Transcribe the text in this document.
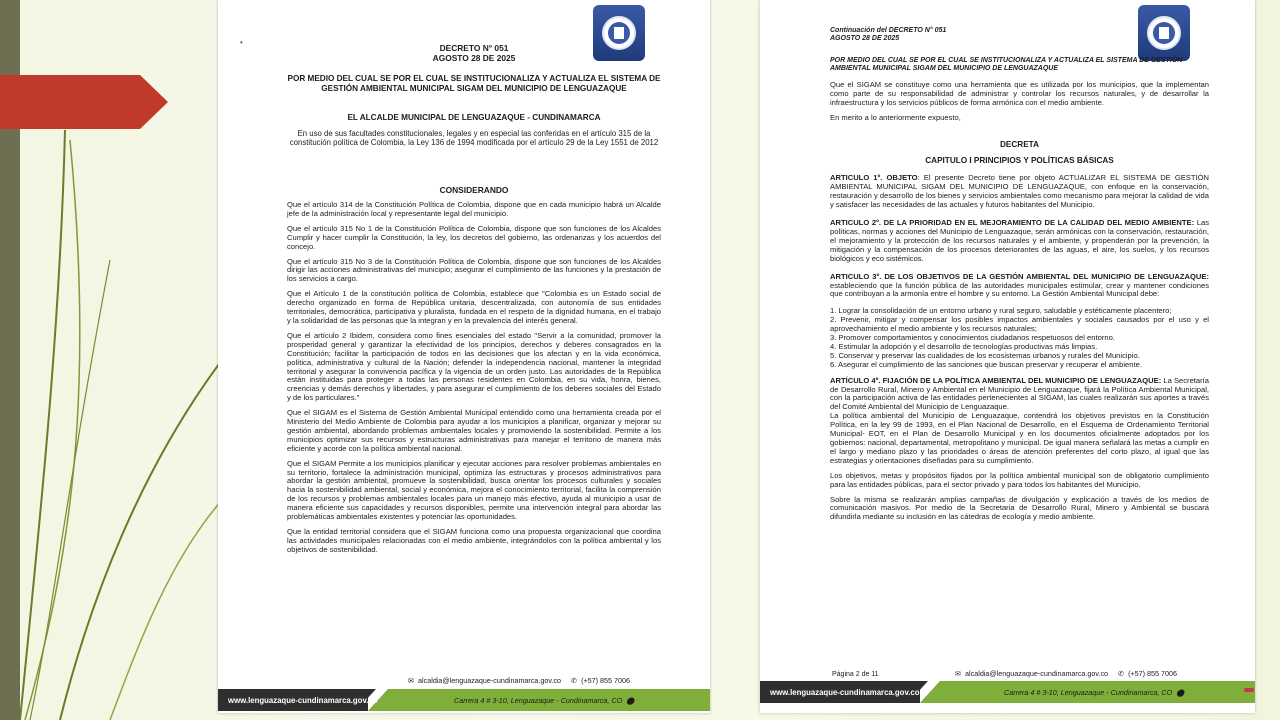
•
DECRETO N° 051
AGOSTO 28 DE 2025
POR MEDIO DEL CUAL SE POR EL CUAL SE INSTITUCIONALIZA Y ACTUALIZA EL SISTEMA DE GESTIÓN AMBIENTAL MUNICIPAL SIGAM DEL MUNICIPIO DE LENGUAZAQUE
EL ALCALDE MUNICIPAL DE LENGUAZAQUE - CUNDINAMARCA
En uso de sus facultades constitucionales, legales y en especial las conferidas en el artículo 315 de la constitución política de Colombia, la Ley 136 de 1994 modificada por el artículo 29 de la Ley 1551 de 2012
CONSIDERANDO

Que el artículo 314 de la Constitución Política de Colombia, dispone que en cada municipio habrá un Alcalde jefe de la administración local y representante legal del municipio.

Que el artículo 315 No 1 de la Constitución Política de Colombia, dispone que son funciones de los Alcaldes Cumplir y hacer cumplir la Constitución, la ley, los decretos del gobierno, las ordenanzas y los acuerdos del concejo.

Que el artículo 315 No 3 de la Constitución Política de Colombia, dispone que son funciones de los Alcaldes dirigir las acciones administrativas del municipio; asegurar el cumplimiento de las funciones y la prestación de los servicios a cargo.

Que el Artículo 1 de la constitución política de Colombia, establece que "Colombia es un Estado social de derecho organizado en forma de República unitaria, descentralizada, con autonomía de sus entidades territoriales, democrática, participativa y pluralista, fundada en el respeto de la dignidad humana, en el trabajo y la solidaridad de las personas que la integran y en la prevalencia del interés general.

Que el artículo 2 Ibidem, considera como fines esenciales del estado "Servir a la comunidad, promover la prosperidad general y garantizar la efectividad de los principios, derechos y deberes consagrados en la Constitución; facilitar la participación de todos en las decisiones que los afectan y en la vida económica, política, administrativa y cultural de la Nación; defender la independencia nacional, mantener la integridad territorial y asegurar la convivencia pacífica y la vigencia de un orden justo. Las autoridades de la República están instituidas para proteger a todas las personas residentes en Colombia, en su vida, honra, bienes, creencias y demás derechos y libertades, y para asegurar el cumplimiento de los deberes sociales del Estado y de los particulares."

Que el SIGAM es el Sistema de Gestión Ambiental Municipal entendido como una herramienta creada por el Ministerio del Medio Ambiente de Colombia para ayudar a los municipios a planificar, organizar y mejorar su gestión ambiental, abordando problemas ambientales locales y promoviendo la sostenibilidad. Permite a los municipios optimizar sus recursos y estructuras administrativas para manejar el territorio de manera más eficiente y acorde con la política ambiental nacional.

Que el SIGAM Permite a los municipios planificar y ejecutar acciones para resolver problemas ambientales en su territorio, fortalece la administración municipal, optimiza las estructuras y procesos administrativos para abordar la gestión ambiental, promueve la sostenibilidad, busca orientar los procesos culturales y sociales hacia la sostenibilidad ambiental, social y económica, mejora el conocimiento territorial, facilita la comprensión de los recursos y problemas ambientales locales para un manejo más efectivo, ayuda al municipio a usar de manera eficiente sus capacidades y recursos disponibles, permite una intervención integral para abordar las problemáticas ambientales existentes y potenciar las oportunidades.

Que la entidad territorial considera que el SIGAM funciona como una propuesta organizacional que coordina las actividades municipales relacionadas con el medio ambiente, integrándolos con la política ambiental y los objetivos de sostenibilidad.

✉ alcaldia@lenguazaque-cundinamarca.gov.co ✆ (+57) 855 7006
www.lenguazaque-cundinamarca.gov.co	Carrera 4 # 3-10, Lenguazaque - Cundinamarca, CO ⬤
Continuación del DECRETO N° 051
AGOSTO 28 DE 2025
POR MEDIO DEL CUAL SE POR EL CUAL SE INSTITUCIONALIZA Y ACTUALIZA EL SISTEMA DE GESTIÓN AMBIENTAL MUNICIPAL SIGAM DEL MUNICIPIO DE LENGUAZAQUE

Que el SIGAM se constituye como una herramienta que es utilizada por los municipios, que la implementan como parte de su responsabilidad de administrar y controlar los recursos naturales, y de desarrollar la infraestructura y los servicios públicos de forma armónica con el medio ambiente.

En merito a lo anteriormente expuesto,

DECRETA

CAPITULO I PRINCIPIOS Y POLÍTICAS BÁSICAS

ARTICULO 1º. OBJETO: El presente Decreto tiene por objeto ACTUALIZAR EL SISTEMA DE GESTIÓN AMBIENTAL MUNICIPAL SIGAM DEL MUNICIPIO DE LENGUAZAQUE, con enfoque en la conservación, restauración y desarrollo de los bienes y servicios ambientales como mecanismo para mejorar la calidad de vida y satisfacer las necesidades de las actuales y futuros habitantes del Municipio.

ARTICULO 2º. DE LA PRIORIDAD EN EL MEJORAMIENTO DE LA CALIDAD DEL MEDIO AMBIENTE: Las políticas, normas y acciones del Municipio de Lenguazaque, serán armónicas con la conservación, restauración, el mejoramiento y la protección de los recursos naturales y el ambiente, y propenderán por la prevención, la mitigación y la compensación de los procesos deteriorantes de las aguas, el aire, los suelos, y los recursos biológicos y eco sistémicos.

ARTICULO 3º. DE LOS OBJETIVOS DE LA GESTIÓN AMBIENTAL DEL MUNICIPIO DE LENGUAZAQUE: estableciendo que la función pública de las autoridades municipales estimular, crear y mantener condiciones que contribuyan a la armonía entre el hombre y su entorno. La Gestión Ambiental Municipal debe:

1. Lograr la consolidación de un entorno urbano y rural seguro, saludable y estéticamente placentero;
2. Prevenir, mitigar y compensar los posibles impactos ambientales y sociales causados por el uso y el aprovechamiento el medio ambiente y los recursos naturales;
3. Promover comportamientos y conocimientos ciudadanos respetuosos del entorno.
4. Estimular la adopción y el desarrollo de tecnologías productivas más limpias.
5. Conservar y preservar las cualidades de los ecosistemas urbanos y rurales del Municipio.
6. Asegurar el cumplimiento de las sanciones que buscan preservar y recuperar el ambiente.

ARTÍCULO 4º. FIJACIÓN DE LA POLÍTICA AMBIENTAL DEL MUNICIPIO DE LENGUAZAQUE: La Secretaría de Desarrollo Rural, Minero y Ambiental en el Municipio de Lenguazaque, fijará la Política Ambiental Municipal, con la participación activa de las entidades pertenecientes al SIGAM, las cuales realizarán sus aportes a través del Comité Ambiental del Municipio de Lenguazaque.

La política ambiental del Municipio de Lenguazaque, contendrá los objetivos previstos en la Constitución Política, en la ley 99 de 1993, en el Plan Nacional de Desarrollo, en el Esquema de Ordenamiento Territorial Municipal- EOT, en el Plan de Desarrollo Municipal y en los documentos oficialmente adoptados por los gobiernos: nacional, departamental, metropolitano y municipal. De igual manera señalará las metas a cumplir en el largo y mediano plazo y las prioridades o áreas de atención preferentes del corto plazo, al igual que las estrategias y orientaciones diseñadas para su cumplimiento.

Los objetivos, metas y propósitos fijados por la política ambiental municipal son de obligatorio cumplimiento para las entidades públicas, para el sector privado y para todos los habitantes del Municipio.

Sobre la misma se realizarán amplias campañas de divulgación y explicación a través de los medios de comunicación masivos. Por medio de la Secretaria de Desarrollo Rural, Minero y Ambiental se buscará difundirla mediante su inclusión en las cátedras de ecología y medio ambiente.

Página 2 de 11	✉ alcaldia@lenguazaque-cundinamarca.gov.co ✆ (+57) 855 7006
www.lenguazaque-cundinamarca.gov.co	Carrera 4 # 3-10, Lenguazaque - Cundinamarca, CO ⬤
